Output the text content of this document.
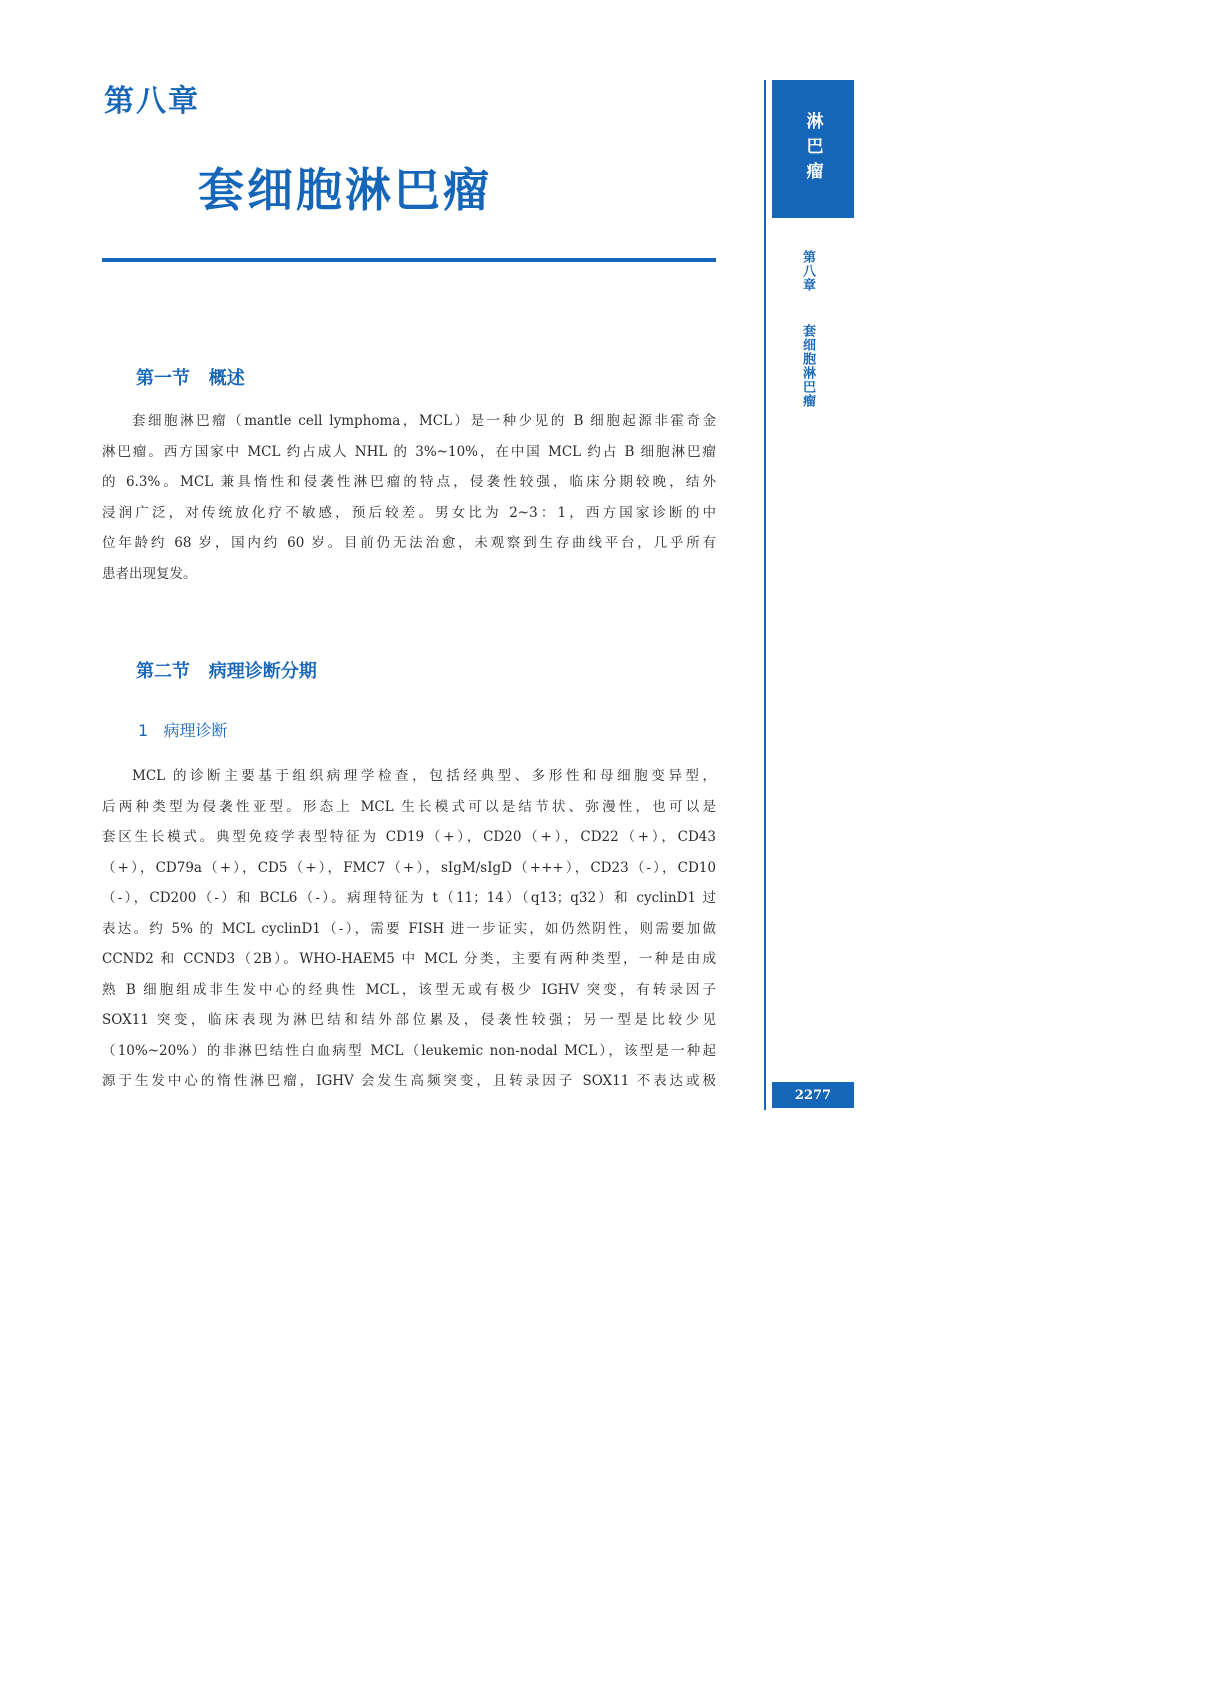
第八章
套细胞淋巴瘤
淋巴瘤
第八章  套细胞淋巴瘤
2277
第一节   概述
套细胞淋巴瘤（mantle cell lymphoma，MCL）是一种少见的 B 细胞起源非霍奇金
淋巴瘤。西方国家中 MCL 约占成人 NHL 的 3%~10%，在中国 MCL 约占 B 细胞淋巴瘤
的 6.3%。MCL 兼具惰性和侵袭性淋巴瘤的特点，侵袭性较强，临床分期较晚，结外
浸润广泛，对传统放化疗不敏感，预后较差。男女比为 2~3：1，西方国家诊断的中
位年龄约 68 岁，国内约 60 岁。目前仍无法治愈，未观察到生存曲线平台，几乎所有
患者出现复发。
第二节   病理诊断分期
1   病理诊断
MCL 的诊断主要基于组织病理学检查，包括经典型、多形性和母细胞变异型，
后两种类型为侵袭性亚型。形态上 MCL 生长模式可以是结节状、弥漫性，也可以是
套区生长模式。典型免疫学表型特征为 CD19（+），CD20（+），CD22（+），CD43
（+），CD79a（+），CD5（+），FMC7（+），sIgM/sIgD（+++），CD23（-），CD10
（-），CD200（-）和 BCL6（-）。病理特征为 t（11；14）（q13；q32）和 cyclinD1 过
表达。约 5% 的 MCL cyclinD1（-），需要 FISH 进一步证实，如仍然阴性，则需要加做
CCND2 和 CCND3（2B）。WHO-HAEM5 中 MCL 分类，主要有两种类型，一种是由成
熟 B 细胞组成非生发中心的经典性 MCL，该型无或有极少 IGHV 突变，有转录因子
SOX11 突变，临床表现为淋巴结和结外部位累及，侵袭性较强；另一型是比较少见
（10%~20%）的非淋巴结性白血病型 MCL（leukemic non-nodal MCL），该型是一种起
源于生发中心的惰性淋巴瘤，IGHV 会发生高频突变，且转录因子 SOX11 不表达或极
